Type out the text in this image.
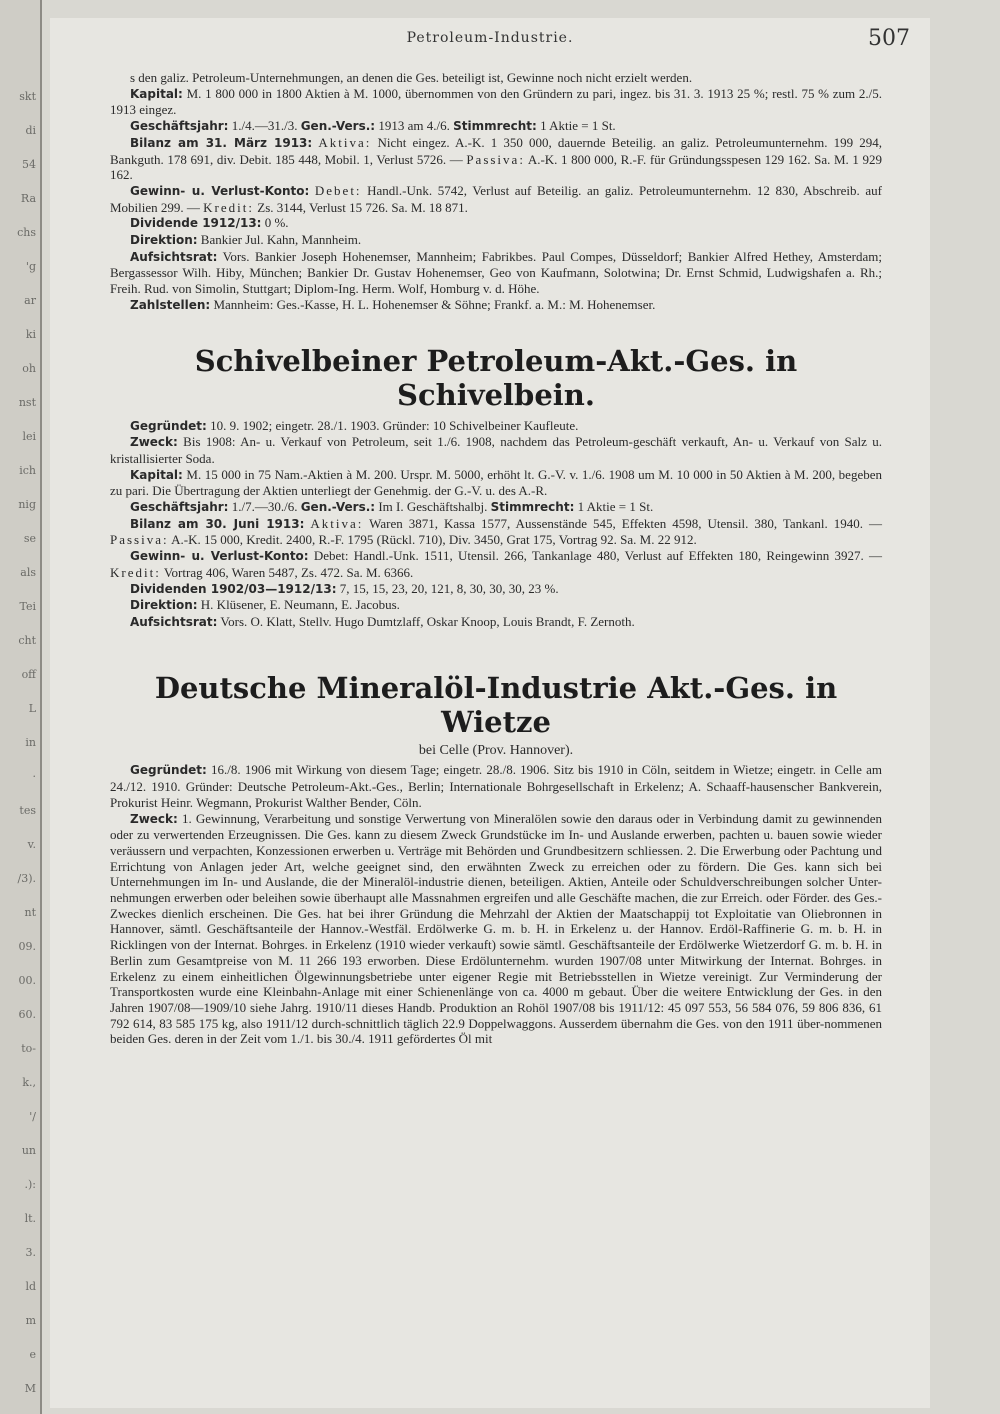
skt
di
54
Ra
chs
'g
ar
ki
oh
nst
lei
ich
nig
se
als
Tei
cht
off
L
in
·
tes
v.
/3).
nt
09.
00.
60.
to-
k.,
'/
un
.):
lt.
3.
ld
m
e
M
Petroleum-Industrie.	507

s den galiz. Petroleum-Unternehmungen, an denen die Ges. beteiligt ist, Gewinne noch nicht erzielt werden.

Kapital: M. 1 800 000 in 1800 Aktien à M. 1000, übernommen von den Gründern zu pari, ingez. bis 31. 3. 1913 25 %; restl. 75 % zum 2./5. 1913 eingez.

Geschäftsjahr: 1./4.—31./3. Gen.-Vers.: 1913 am 4./6. Stimmrecht: 1 Aktie = 1 St.

Bilanz am 31. März 1913: Aktiva: Nicht eingez. A.-K. 1 350 000, dauernde Beteilig. an galiz. Petroleumunternehm. 199 294, Bankguth. 178 691, div. Debit. 185 448, Mobil. 1, Verlust 5726. — Passiva: A.-K. 1 800 000, R.-F. für Gründungsspesen 129 162. Sa. M. 1 929 162.

Gewinn- u. Verlust-Konto: Debet: Handl.-Unk. 5742, Verlust auf Beteilig. an galiz. Petroleumunternehm. 12 830, Abschreib. auf Mobilien 299. — Kredit: Zs. 3144, Verlust 15 726. Sa. M. 18 871.

Dividende 1912/13: 0 %.

Direktion: Bankier Jul. Kahn, Mannheim.

Aufsichtsrat: Vors. Bankier Joseph Hohenemser, Mannheim; Fabrikbes. Paul Compes, Düsseldorf; Bankier Alfred Hethey, Amsterdam; Bergassessor Wilh. Hiby, München; Bankier Dr. Gustav Hohenemser, Geo von Kaufmann, Solotwina; Dr. Ernst Schmid, Ludwigshafen a. Rh.; Freih. Rud. von Simolin, Stuttgart; Diplom-Ing. Herm. Wolf, Homburg v. d. Höhe.

Zahlstellen: Mannheim: Ges.-Kasse, H. L. Hohenemser & Söhne; Frankf. a. M.: M. Hohenemser.

Schivelbeiner Petroleum-Akt.-Ges. in Schivelbein.

Gegründet: 10. 9. 1902; eingetr. 28./1. 1903. Gründer: 10 Schivelbeiner Kaufleute.

Zweck: Bis 1908: An- u. Verkauf von Petroleum, seit 1./6. 1908, nachdem das Petroleum-geschäft verkauft, An- u. Verkauf von Salz u. kristallisierter Soda.

Kapital: M. 15 000 in 75 Nam.-Aktien à M. 200. Urspr. M. 5000, erhöht lt. G.-V. v. 1./6. 1908 um M. 10 000 in 50 Aktien à M. 200, begeben zu pari. Die Übertragung der Aktien unterliegt der Genehmig. der G.-V. u. des A.-R.

Geschäftsjahr: 1./7.—30./6. Gen.-Vers.: Im I. Geschäftshalbj. Stimmrecht: 1 Aktie = 1 St.

Bilanz am 30. Juni 1913: Aktiva: Waren 3871, Kassa 1577, Aussenstände 545, Effekten 4598, Utensil. 380, Tankanl. 1940. — Passiva: A.-K. 15 000, Kredit. 2400, R.-F. 1795 (Rückl. 710), Div. 3450, Grat 175, Vortrag 92. Sa. M. 22 912.

Gewinn- u. Verlust-Konto: Debet: Handl.-Unk. 1511, Utensil. 266, Tankanlage 480, Verlust auf Effekten 180, Reingewinn 3927. — Kredit: Vortrag 406, Waren 5487, Zs. 472. Sa. M. 6366.

Dividenden 1902/03—1912/13: 7, 15, 15, 23, 20, 121, 8, 30, 30, 30, 23 %.

Direktion: H. Klüsener, E. Neumann, E. Jacobus.

Aufsichtsrat: Vors. O. Klatt, Stellv. Hugo Dumtzlaff, Oskar Knoop, Louis Brandt, F. Zernoth.

Deutsche Mineralöl-Industrie Akt.-Ges. in Wietze
bei Celle (Prov. Hannover).

Gegründet: 16./8. 1906 mit Wirkung von diesem Tage; eingetr. 28./8. 1906. Sitz bis 1910 in Cöln, seitdem in Wietze; eingetr. in Celle am 24./12. 1910. Gründer: Deutsche Petroleum-Akt.-Ges., Berlin; Internationale Bohrgesellschaft in Erkelenz; A. Schaaff-hausenscher Bankverein, Prokurist Heinr. Wegmann, Prokurist Walther Bender, Cöln.

Zweck: 1. Gewinnung, Verarbeitung und sonstige Verwertung von Mineralölen sowie den daraus oder in Verbindung damit zu gewinnenden oder zu verwertenden Erzeugnissen. Die Ges. kann zu diesem Zweck Grundstücke im In- und Auslande erwerben, pachten u. bauen sowie wieder veräussern und verpachten, Konzessionen erwerben u. Verträge mit Behörden und Grundbesitzern schliessen. 2. Die Erwerbung oder Pachtung und Errichtung von Anlagen jeder Art, welche geeignet sind, den erwähnten Zweck zu erreichen oder zu fördern. Die Ges. kann sich bei Unternehmungen im In- und Auslande, die der Mineralöl-industrie dienen, beteiligen. Aktien, Anteile oder Schuldverschreibungen solcher Unter-nehmungen erwerben oder beleihen sowie überhaupt alle Massnahmen ergreifen und alle Geschäfte machen, die zur Erreich. oder Förder. des Ges.-Zweckes dienlich erscheinen. Die Ges. hat bei ihrer Gründung die Mehrzahl der Aktien der Maatschappij tot Exploitatie van Oliebronnen in Hannover, sämtl. Geschäftsanteile der Hannov.-Westfäl. Erdölwerke G. m. b. H. in Erkelenz u. der Hannov. Erdöl-Raffinerie G. m. b. H. in Ricklingen von der Internat. Bohrges. in Erkelenz (1910 wieder verkauft) sowie sämtl. Geschäftsanteile der Erdölwerke Wietzerdorf G. m. b. H. in Berlin zum Gesamtpreise von M. 11 266 193 erworben. Diese Erdölunternehm. wurden 1907/08 unter Mitwirkung der Internat. Bohrges. in Erkelenz zu einem einheitlichen Ölgewinnungsbetriebe unter eigener Regie mit Betriebsstellen in Wietze vereinigt. Zur Verminderung der Transportkosten wurde eine Kleinbahn-Anlage mit einer Schienenlänge von ca. 4000 m gebaut. Über die weitere Entwicklung der Ges. in den Jahren 1907/08—1909/10 siehe Jahrg. 1910/11 dieses Handb. Produktion an Rohöl 1907/08 bis 1911/12: 45 097 553, 56 584 076, 59 806 836, 61 792 614, 83 585 175 kg, also 1911/12 durch-schnittlich täglich 22.9 Doppelwaggons. Ausserdem übernahm die Ges. von den 1911 über-nommenen beiden Ges. deren in der Zeit vom 1./1. bis 30./4. 1911 gefördertes Öl mit
